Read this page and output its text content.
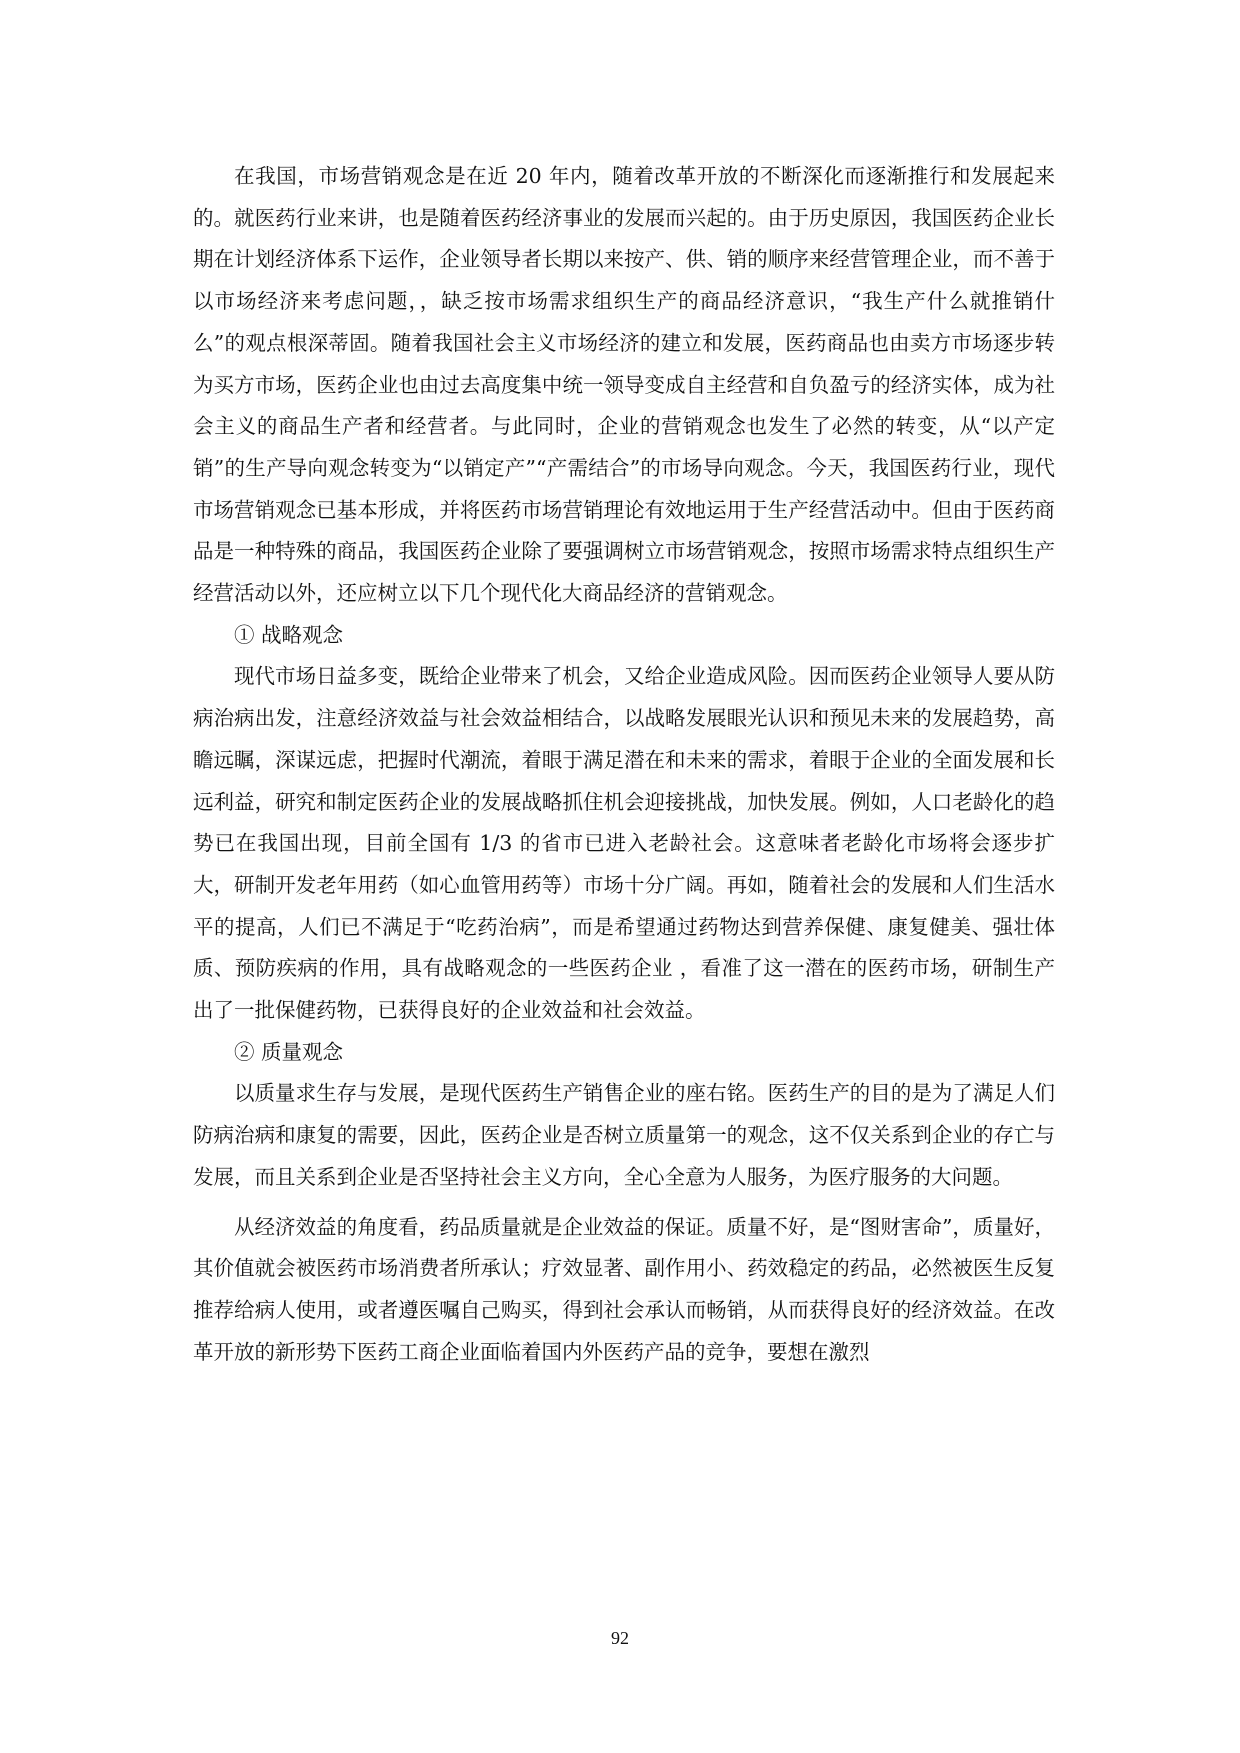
在我国，市场营销观念是在近 20 年内，随着改革开放的不断深化而逐渐推行和发展起来的。就医药行业来讲，也是随着医药经济事业的发展而兴起的。由于历史原因，我国医药企业长期在计划经济体系下运作，企业领导者长期以来按产、供、销的顺序来经营管理企业，而不善于以市场经济来考虑问题，，缺乏按市场需求组织生产的商品经济意识，“我生产什么就推销什么”的观点根深蒂固。随着我国社会主义市场经济的建立和发展，医药商品也由卖方市场逐步转为买方市场，医药企业也由过去高度集中统一领导变成自主经营和自负盈亏的经济实体，成为社会主义的商品生产者和经营者。与此同时，企业的营销观念也发生了必然的转变，从“以产定销”的生产导向观念转变为“以销定产”“产需结合”的市场导向观念。今天，我国医药行业，现代市场营销观念已基本形成，并将医药市场营销理论有效地运用于生产经营活动中。但由于医药商品是一种特殊的商品，我国医药企业除了要强调树立市场营销观念，按照市场需求特点组织生产经营活动以外，还应树立以下几个现代化大商品经济的营销观念。

① 战略观念

现代市场日益多变，既给企业带来了机会，又给企业造成风险。因而医药企业领导人要从防病治病出发，注意经济效益与社会效益相结合，以战略发展眼光认识和预见未来的发展趋势，高瞻远瞩，深谋远虑，把握时代潮流，着眼于满足潜在和未来的需求，着眼于企业的全面发展和长远利益，研究和制定医药企业的发展战略抓住机会迎接挑战，加快发展。例如，人口老龄化的趋势已在我国出现，目前全国有 1/3 的省市已进入老龄社会。这意味者老龄化市场将会逐步扩大，研制开发老年用药（如心血管用药等）市场十分广阔。再如，随着社会的发展和人们生活水平的提高，人们已不满足于“吃药治病”，而是希望通过药物达到营养保健、康复健美、强壮体质、预防疾病的作用，具有战略观念的一些医药企业 ，看准了这一潜在的医药市场，研制生产出了一批保健药物，已获得良好的企业效益和社会效益。

② 质量观念

以质量求生存与发展，是现代医药生产销售企业的座右铭。医药生产的目的是为了满足人们防病治病和康复的需要，因此，医药企业是否树立质量第一的观念，这不仅关系到企业的存亡与发展，而且关系到企业是否坚持社会主义方向，全心全意为人服务，为医疗服务的大问题。

从经济效益的角度看，药品质量就是企业效益的保证。质量不好，是“图财害命”，质量好，其价值就会被医药市场消费者所承认；疗效显著、副作用小、药效稳定的药品，必然被医生反复推荐给病人使用，或者遵医嘱自己购买，得到社会承认而畅销，从而获得良好的经济效益。在改革开放的新形势下医药工商企业面临着国内外医药产品的竞争，要想在激烈

92
